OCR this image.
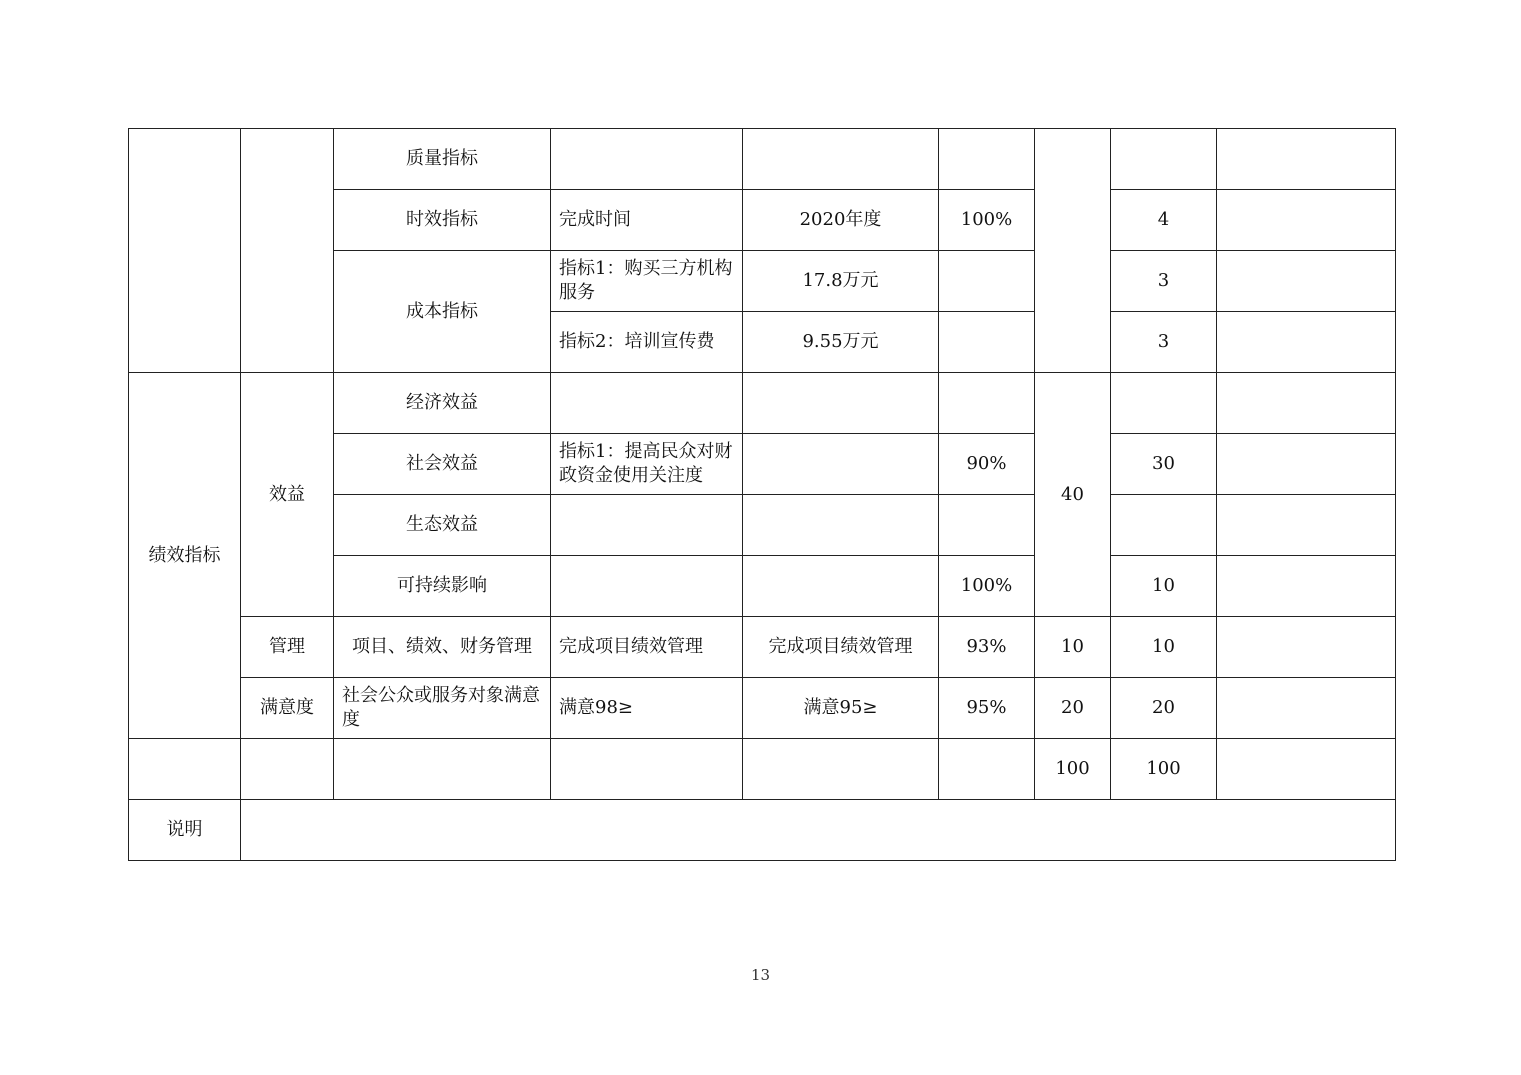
		质量指标						
		时效指标	完成时间	2020年度	100%		4	
		成本指标	指标1：购买三方机构服务	17.8万元			3	
			指标2：培训宣传费	9.55万元			3	
绩效指标	效益	经济效益				40		
		社会效益	指标1：提高民众对财政资金使用关注度		90%		30	
		生态效益						
		可持续影响			100%		10	
	管理	项目、绩效、财务管理	完成项目绩效管理	完成项目绩效管理	93%	10	10	
	满意度	社会公众或服务对象满意度	满意98≥	满意95≥	95%	20	20	
						100	100	
说明								
13
